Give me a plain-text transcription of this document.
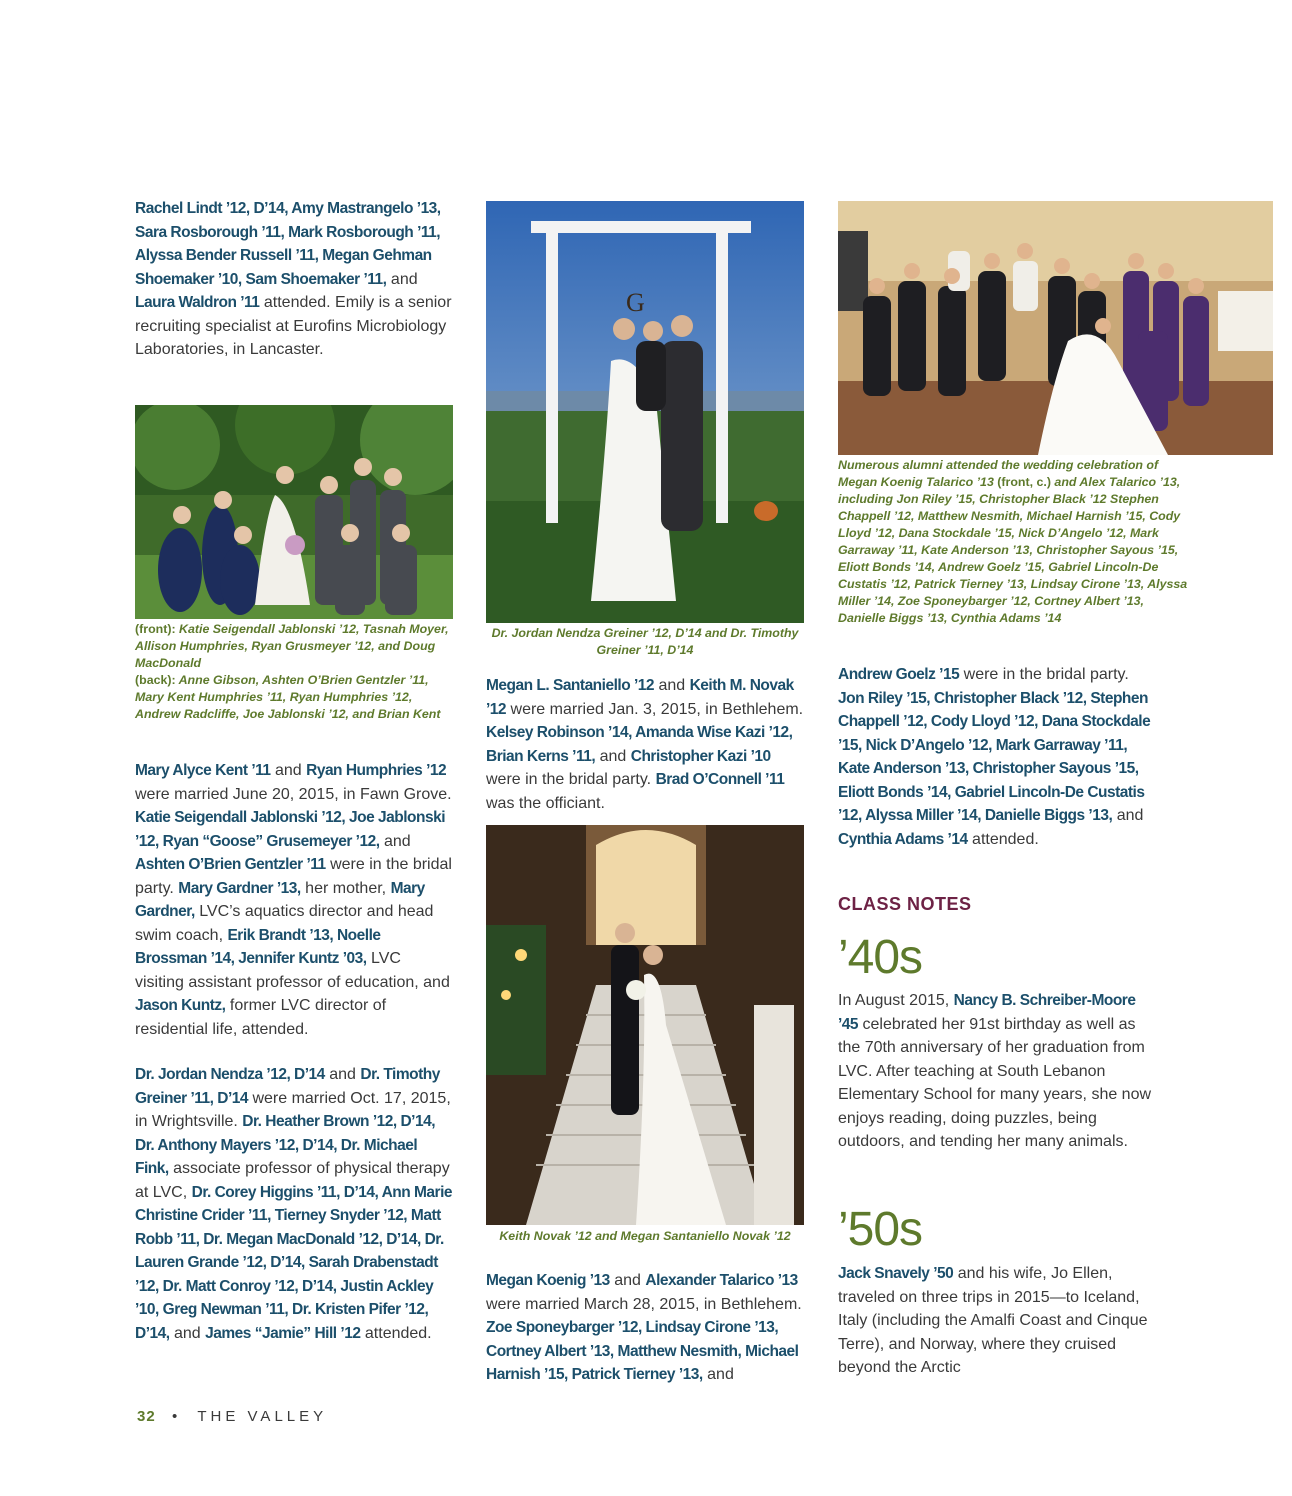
Rachel Lindt ’12, D’14, Amy Mastrangelo ’13, Sara Rosborough ’11, Mark Rosborough ’11, Alyssa Bender Russell ’11, Megan Gehman Shoemaker ’10, Sam Shoemaker ’11, and Laura Waldron ’11 attended. Emily is a senior recruiting specialist at Eurofins Microbiology Laboratories, in Lancaster.

(front): Katie Seigendall Jablonski ’12, Tasnah Moyer, Allison Humphries, Ryan Grusmeyer ’12, and Doug MacDonald
(back): Anne Gibson, Ashten O’Brien Gentzler ’11, Mary Kent Humphries ’11, Ryan Humphries ’12, Andrew Radcliffe, Joe Jablonski ’12, and Brian Kent

Mary Alyce Kent ’11 and Ryan Humphries ’12 were married June 20, 2015, in Fawn Grove. Katie Seigendall Jablonski ’12, Joe Jablonski ’12, Ryan “Goose” Grusemeyer ’12, and Ashten O’Brien Gentzler ’11 were in the bridal party. Mary Gardner ’13, her mother, Mary Gardner, LVC’s aquatics director and head swim coach, Erik Brandt ’13, Noelle Brossman ’14, Jennifer Kuntz ’03, LVC visiting assistant professor of education, and Jason Kuntz, former LVC director of residential life, attended.

Dr. Jordan Nendza ’12, D’14 and Dr. Timothy Greiner ’11, D’14 were married Oct. 17, 2015, in Wrightsville. Dr. Heather Brown ’12, D’14, Dr. Anthony Mayers ’12, D’14, Dr. Michael Fink, associate professor of physical therapy at LVC, Dr. Corey Higgins ’11, D’14, Ann Marie Christine Crider ’11, Tierney Snyder ’12, Matt Robb ’11, Dr. Megan MacDonald ’12, D’14, Dr. Lauren Grande ’12, D’14, Sarah Drabenstadt ’12, Dr. Matt Conroy ’12, D’14, Justin Ackley ’10, Greg Newman ’11, Dr. Kristen Pifer ’12, D’14, and James “Jamie” Hill ’12 attended.

G

Dr. Jordan Nendza Greiner ’12, D’14 and Dr. Timothy Greiner ’11, D’14

Megan L. Santaniello ’12 and Keith M. Novak ’12 were married Jan. 3, 2015, in Bethlehem. Kelsey Robinson ’14, Amanda Wise Kazi ’12, Brian Kerns ’11, and Christopher Kazi ’10 were in the bridal party. Brad O’Connell ’11 was the officiant.

Keith Novak ’12 and Megan Santaniello Novak ’12

Megan Koenig ’13 and Alexander Talarico ’13 were married March 28, 2015, in Bethlehem. Zoe Sponeybarger ’12, Lindsay Cirone ’13, Cortney Albert ’13, Matthew Nesmith, Michael Harnish ’15, Patrick Tierney ’13, and

Numerous alumni attended the wedding celebration of Megan Koenig Talarico ’13 (front, c.) and Alex Talarico ’13, including Jon Riley ’15, Christopher Black ’12 Stephen Chappell ’12, Matthew Nesmith, Michael Harnish ’15, Cody Lloyd ’12, Dana Stockdale ’15, Nick D’Angelo ’12, Mark Garraway ’11, Kate Anderson ’13, Christopher Sayous ’15, Eliott Bonds ’14, Andrew Goelz ’15, Gabriel Lincoln-De Custatis ’12, Patrick Tierney ’13, Lindsay Cirone ’13, Alyssa Miller ’14, Zoe Sponeybarger ’12, Cortney Albert ’13, Danielle Biggs ’13, Cynthia Adams ’14

Andrew Goelz ’15 were in the bridal party. Jon Riley ’15, Christopher Black ’12, Stephen Chappell ’12, Cody Lloyd ’12, Dana Stockdale ’15, Nick D’Angelo ’12, Mark Garraway ’11, Kate Anderson ’13, Christopher Sayous ’15, Eliott Bonds ’14, Gabriel Lincoln-De Custatis ’12, Alyssa Miller ’14, Danielle Biggs ’13, and Cynthia Adams ’14 attended.

CLASS NOTES
’40s

In August 2015, Nancy B. Schreiber-Moore ’45 celebrated her 91st birthday as well as the 70th anniversary of her graduation from LVC. After teaching at South Lebanon Elementary School for many years, she now enjoys reading, doing puzzles, being outdoors, and tending her many animals.

’50s

Jack Snavely ’50 and his wife, Jo Ellen, traveled on three trips in 2015—to Iceland, Italy (including the Amalfi Coast and Cinque Terre), and Norway, where they cruised beyond the Arctic

32 • THE VALLEY
